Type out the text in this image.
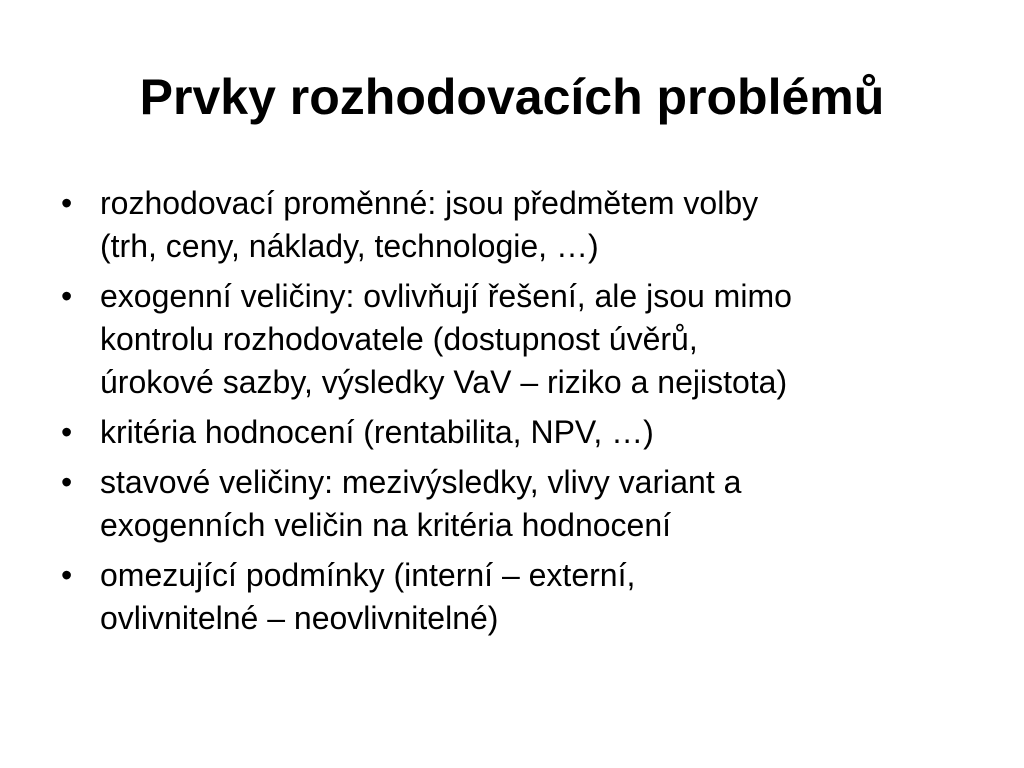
Prvky rozhodovacích problémů
• rozhodovací proměnné: jsou předmětem volby
(trh, ceny, náklady, technologie, …)
• exogenní veličiny: ovlivňují řešení, ale jsou mimo
kontrolu rozhodovatele (dostupnost úvěrů,
úrokové sazby, výsledky VaV – riziko a nejistota)
• kritéria hodnocení (rentabilita, NPV, …)
• stavové veličiny: mezivýsledky, vlivy variant a
exogenních veličin na kritéria hodnocení
• omezující podmínky (interní – externí,
ovlivnitelné – neovlivnitelné)
